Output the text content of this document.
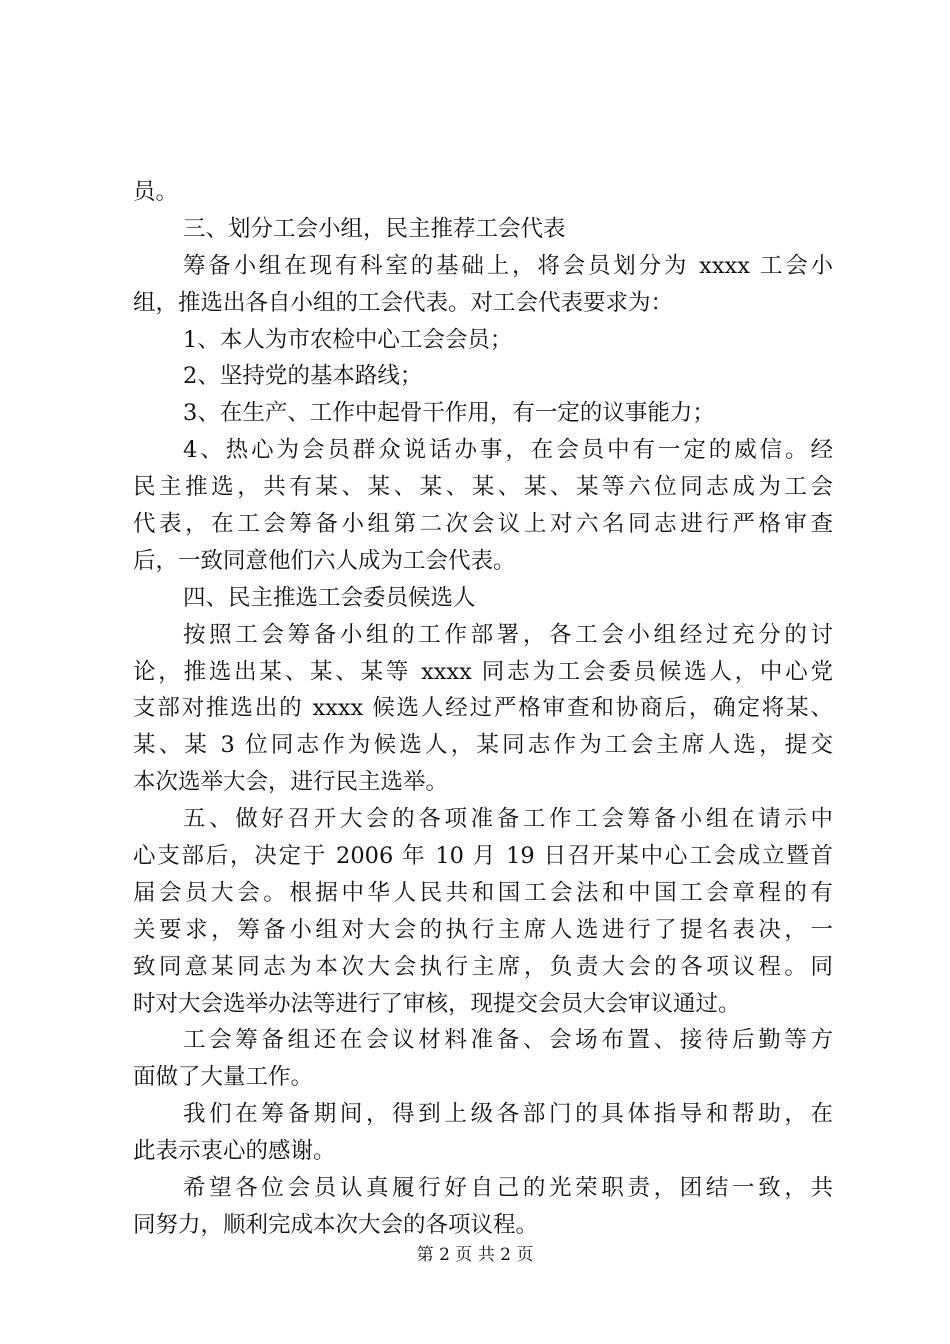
员。
三、划分工会小组，民主推荐工会代表
筹备小组在现有科室的基础上，将会员划分为 xxxx 工会小
组，推选出各自小组的工会代表。对工会代表要求为：
1、本人为市农检中心工会会员；
2、坚持党的基本路线；
3、在生产、工作中起骨干作用，有一定的议事能力；
4、热心为会员群众说话办事，在会员中有一定的威信。经
民主推选，共有某、某、某、某、某、某等六位同志成为工会
代表，在工会筹备小组第二次会议上对六名同志进行严格审查
后，一致同意他们六人成为工会代表。
四、民主推选工会委员候选人
按照工会筹备小组的工作部署，各工会小组经过充分的讨
论，推选出某、某、某等 xxxx 同志为工会委员候选人，中心党
支部对推选出的 xxxx 候选人经过严格审查和协商后，确定将某、
某、某 3 位同志作为候选人，某同志作为工会主席人选，提交
本次选举大会，进行民主选举。
五、做好召开大会的各项准备工作工会筹备小组在请示中
心支部后，决定于 2006 年 10 月 19 日召开某中心工会成立暨首
届会员大会。根据中华人民共和国工会法和中国工会章程的有
关要求，筹备小组对大会的执行主席人选进行了提名表决，一
致同意某同志为本次大会执行主席，负责大会的各项议程。同
时对大会选举办法等进行了审核，现提交会员大会审议通过。
工会筹备组还在会议材料准备、会场布置、接待后勤等方
面做了大量工作。
我们在筹备期间，得到上级各部门的具体指导和帮助，在
此表示衷心的感谢。
希望各位会员认真履行好自己的光荣职责，团结一致，共
同努力，顺利完成本次大会的各项议程。
第 2 页 共 2 页
